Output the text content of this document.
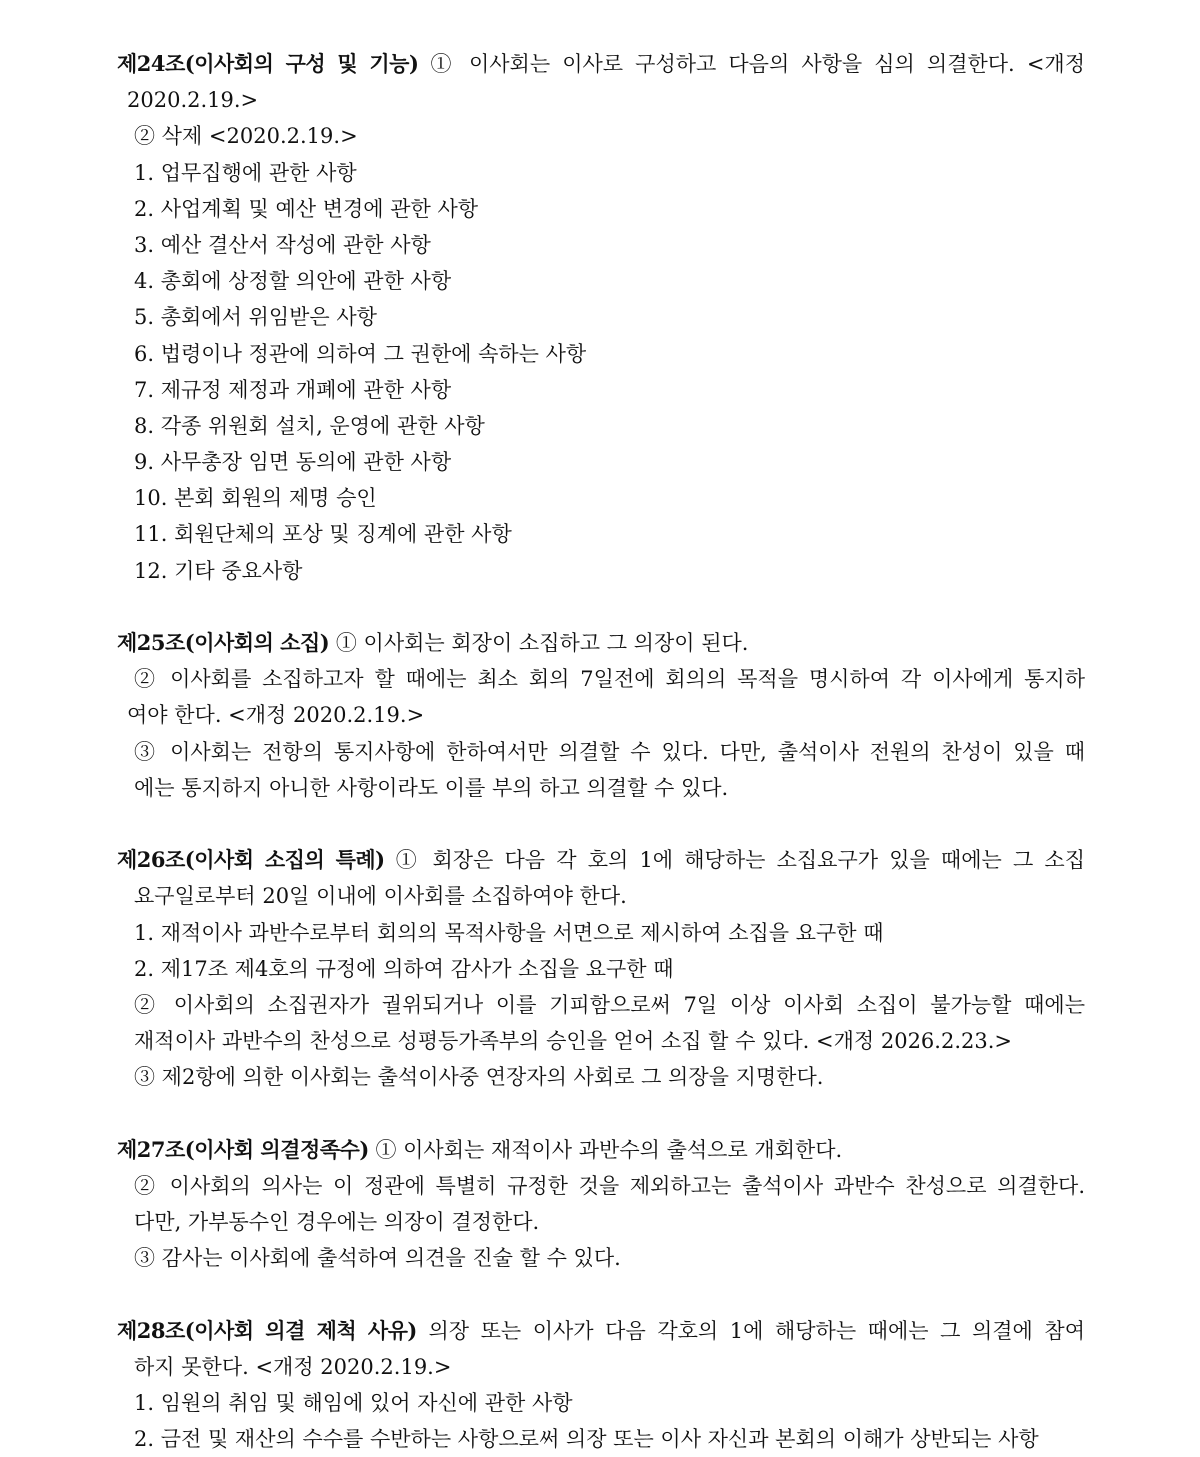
제24조(이사회의 구성 및 기능) ① 이사회는 이사로 구성하고 다음의 사항을 심의 의결한다. <개정
2020.2.19.>
② 삭제 <2020.2.19.>
1. 업무집행에 관한 사항
2. 사업계획 및 예산 변경에 관한 사항
3. 예산 결산서 작성에 관한 사항
4. 총회에 상정할 의안에 관한 사항
5. 총회에서 위임받은 사항
6. 법령이나 정관에 의하여 그 권한에 속하는 사항
7. 제규정 제정과 개폐에 관한 사항
8. 각종 위원회 설치, 운영에 관한 사항
9. 사무총장 임면 동의에 관한 사항
10. 본회 회원의 제명 승인
11. 회원단체의 포상 및 징계에 관한 사항
12. 기타 중요사항
제25조(이사회의 소집) ① 이사회는 회장이 소집하고 그 의장이 된다.
② 이사회를 소집하고자 할 때에는 최소 회의 7일전에 회의의 목적을 명시하여 각 이사에게 통지하
여야 한다. <개정 2020.2.19.>
③ 이사회는 전항의 통지사항에 한하여서만 의결할 수 있다. 다만, 출석이사 전원의 찬성이 있을 때
에는 통지하지 아니한 사항이라도 이를 부의 하고 의결할 수 있다.
제26조(이사회 소집의 특례) ① 회장은 다음 각 호의 1에 해당하는 소집요구가 있을 때에는 그 소집
요구일로부터 20일 이내에 이사회를 소집하여야 한다.
1. 재적이사 과반수로부터 회의의 목적사항을 서면으로 제시하여 소집을 요구한 때
2. 제17조 제4호의 규정에 의하여 감사가 소집을 요구한 때
② 이사회의 소집권자가 궐위되거나 이를 기피함으로써 7일 이상 이사회 소집이 불가능할 때에는
재적이사 과반수의 찬성으로 성평등가족부의 승인을 얻어 소집 할 수 있다. <개정 2026.2.23.>
③ 제2항에 의한 이사회는 출석이사중 연장자의 사회로 그 의장을 지명한다.
제27조(이사회 의결정족수) ① 이사회는 재적이사 과반수의 출석으로 개회한다.
② 이사회의 의사는 이 정관에 특별히 규정한 것을 제외하고는 출석이사 과반수 찬성으로 의결한다.
다만, 가부동수인 경우에는 의장이 결정한다.
③ 감사는 이사회에 출석하여 의견을 진술 할 수 있다.
제28조(이사회 의결 제척 사유) 의장 또는 이사가 다음 각호의 1에 해당하는 때에는 그 의결에 참여
하지 못한다. <개정 2020.2.19.>
1. 임원의 취임 및 해임에 있어 자신에 관한 사항
2. 금전 및 재산의 수수를 수반하는 사항으로써 의장 또는 이사 자신과 본회의 이해가 상반되는 사항
